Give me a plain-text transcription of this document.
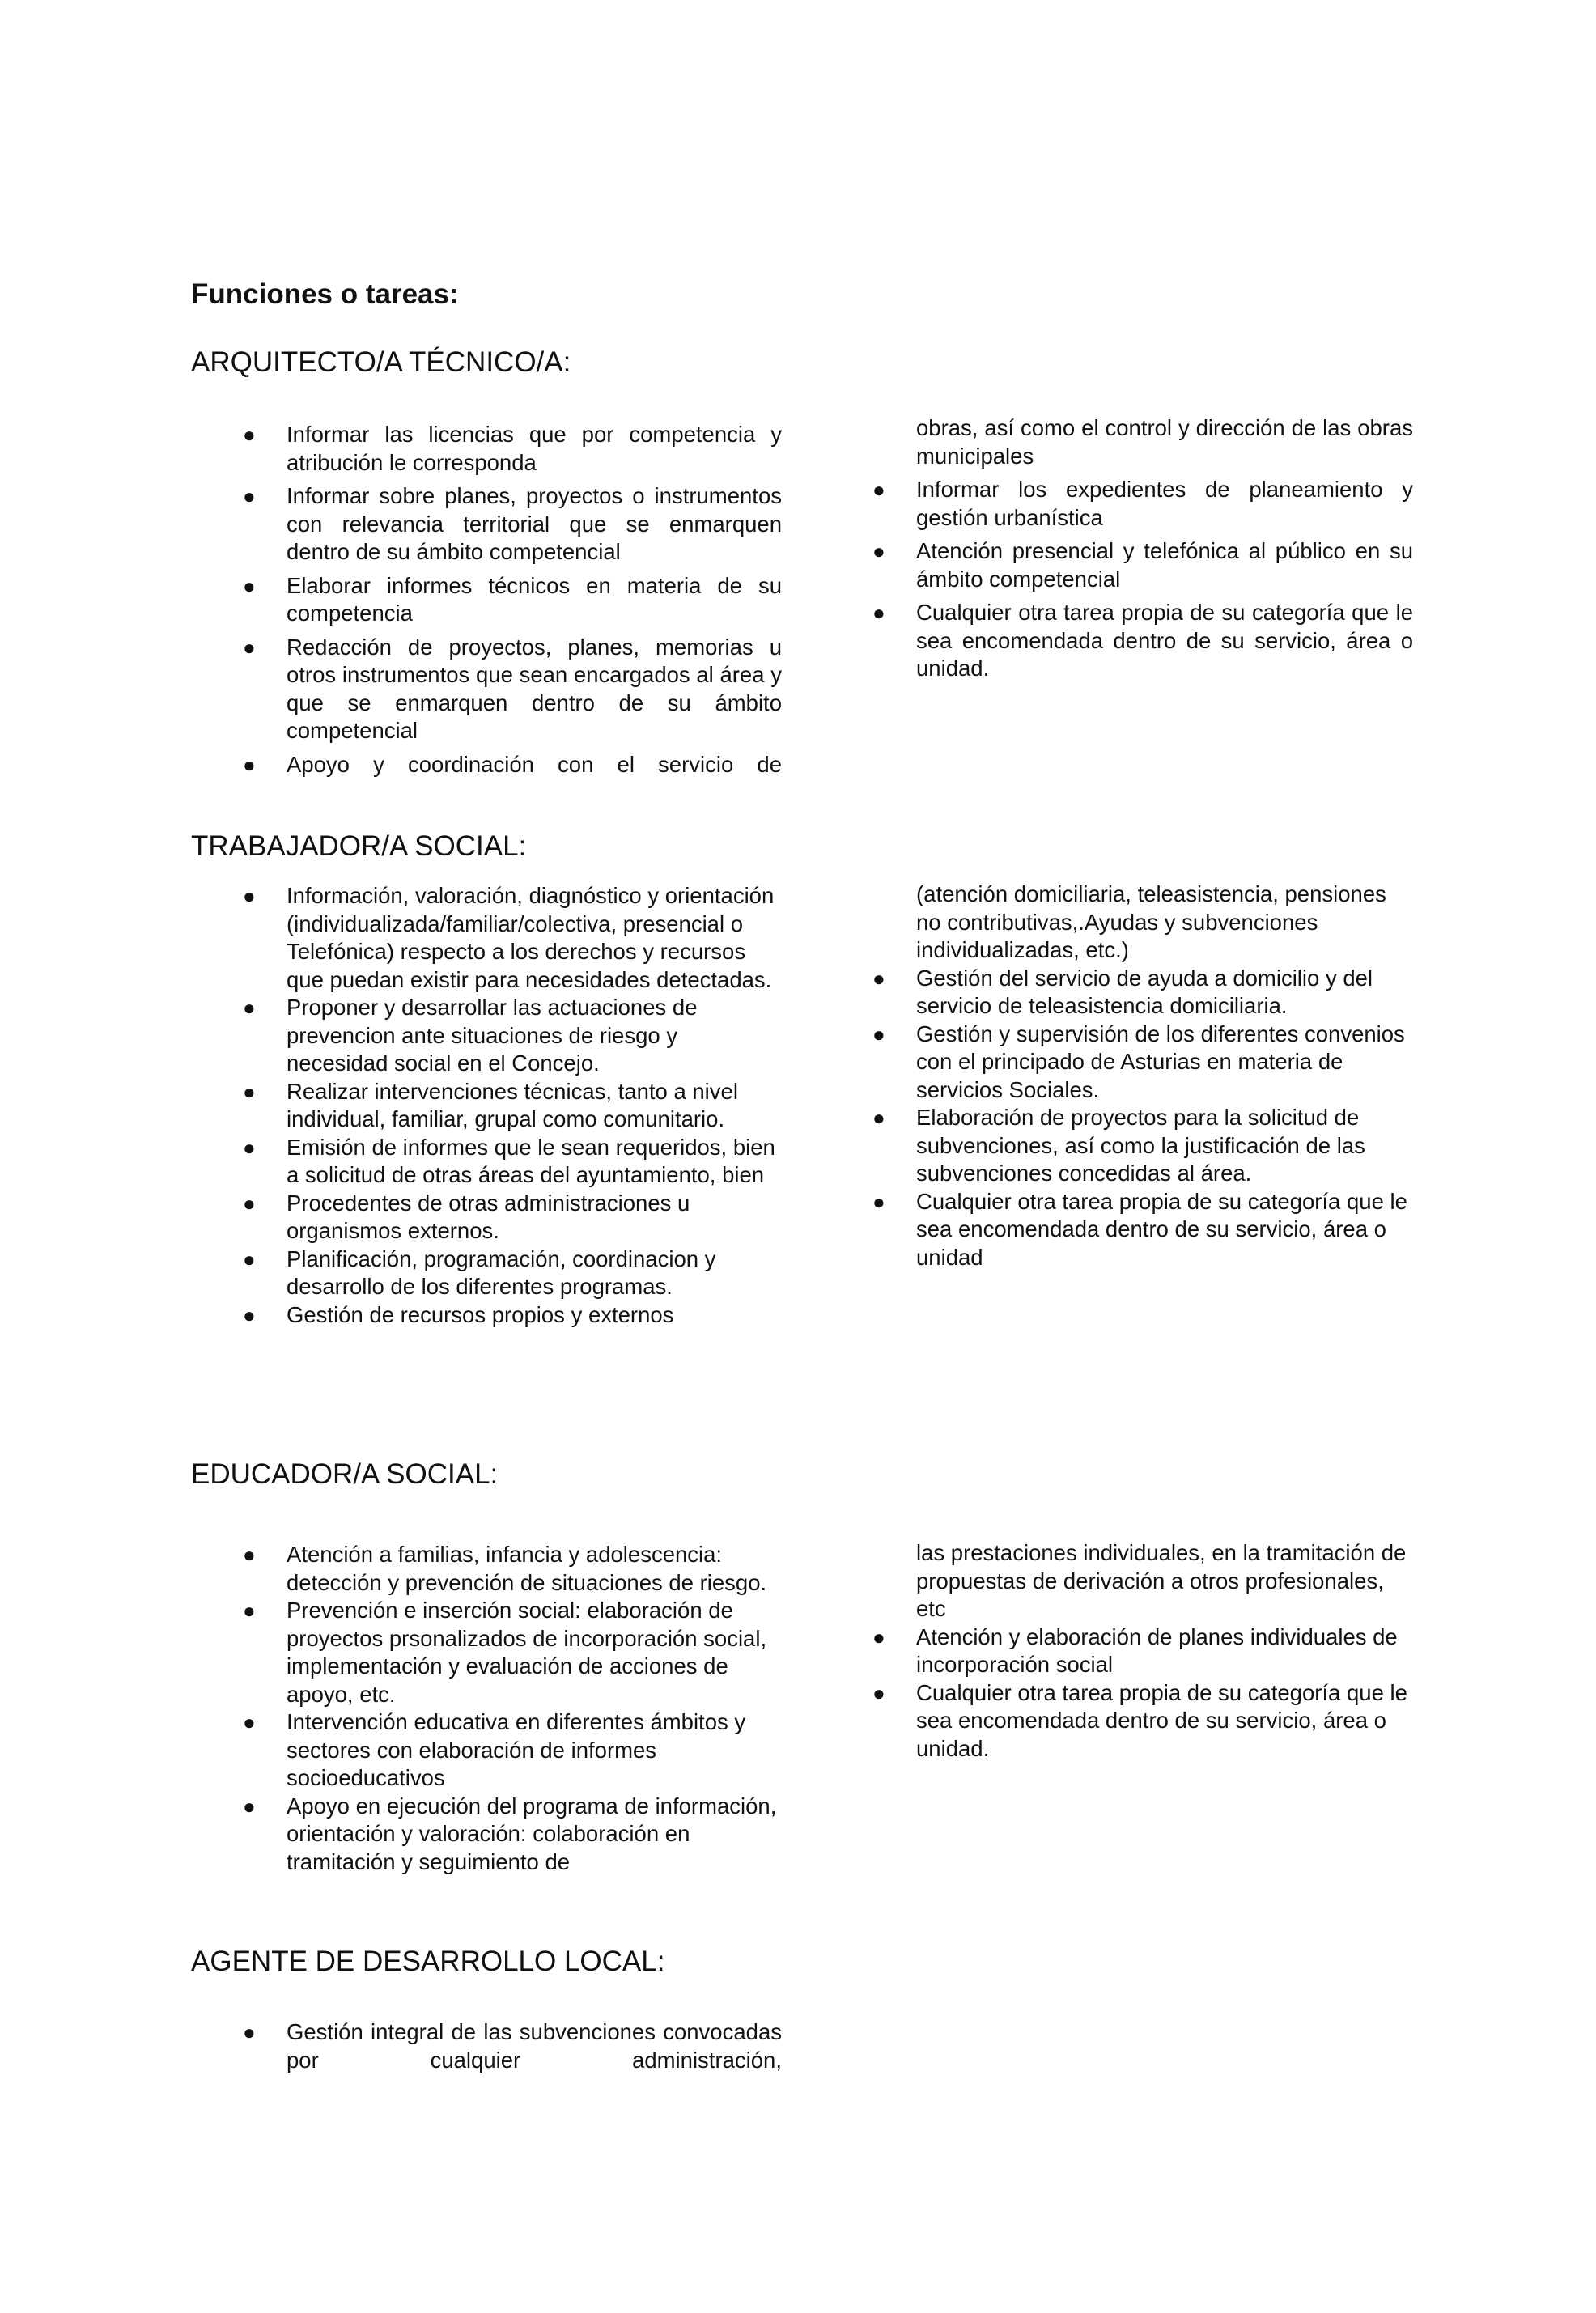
Funciones o tareas:
ARQUITECTO/A TÉCNICO/A:
● Informar las licencias que por competencia y atribución le corresponda
● Informar sobre planes, proyectos o instrumentos con relevancia territorial que se enmarquen dentro de su ámbito competencial
● Elaborar informes técnicos en materia de su competencia
● Redacción de proyectos, planes, memorias u otros instrumentos que sean encargados al área y que se enmarquen dentro de su ámbito competencial
● Apoyo y coordinación con el servicio de
obras, así como el control y dirección de las obras municipales
● Informar los expedientes de planeamiento y gestión urbanística
● Atención presencial y telefónica al público en su ámbito competencial
● Cualquier otra tarea propia de su categoría que le sea encomendada dentro de su servicio, área o unidad.
TRABAJADOR/A SOCIAL:
● Información, valoración, diagnóstico y orientación (individualizada/familiar/colectiva, presencial o Telefónica) respecto a los derechos y recursos que puedan existir para necesidades detectadas.
● Proponer y desarrollar las actuaciones de prevencion ante situaciones de riesgo y necesidad social en el Concejo.
● Realizar intervenciones técnicas, tanto a nivel individual, familiar, grupal como comunitario.
● Emisión de informes que le sean requeridos, bien a solicitud de otras áreas del ayuntamiento, bien
● Procedentes de otras administraciones u organismos externos.
● Planificación, programación, coordinacion y desarrollo de los diferentes programas.
● Gestión de recursos propios y externos
(atención domiciliaria, teleasistencia, pensiones no contributivas,.Ayudas y subvenciones individualizadas, etc.)
● Gestión del servicio de ayuda a domicilio y del servicio de teleasistencia domiciliaria.
● Gestión y supervisión de los diferentes convenios con el principado de Asturias en materia de servicios Sociales.
● Elaboración de proyectos para la solicitud de subvenciones, así como la justificación de las subvenciones concedidas al área.
● Cualquier otra tarea propia de su categoría que le sea encomendada dentro de su servicio, área o unidad
EDUCADOR/A SOCIAL:
● Atención a familias, infancia y adolescencia: detección y prevención de situaciones de riesgo.
● Prevención e inserción social: elaboración de proyectos prsonalizados de incorporación social, implementación y evaluación de acciones de apoyo, etc.
● Intervención educativa en diferentes ámbitos y sectores con elaboración de informes socioeducativos
● Apoyo en ejecución del programa de información, orientación y valoración: colaboración en tramitación y seguimiento de
las prestaciones individuales, en la tramitación de propuestas de derivación a otros profesionales, etc
● Atención y elaboración de planes individuales de incorporación social
● Cualquier otra tarea propia de su categoría que le sea encomendada dentro de su servicio, área o unidad.
AGENTE DE DESARROLLO LOCAL:
● Gestión integral de las subvenciones convocadas por cualquier administración,
